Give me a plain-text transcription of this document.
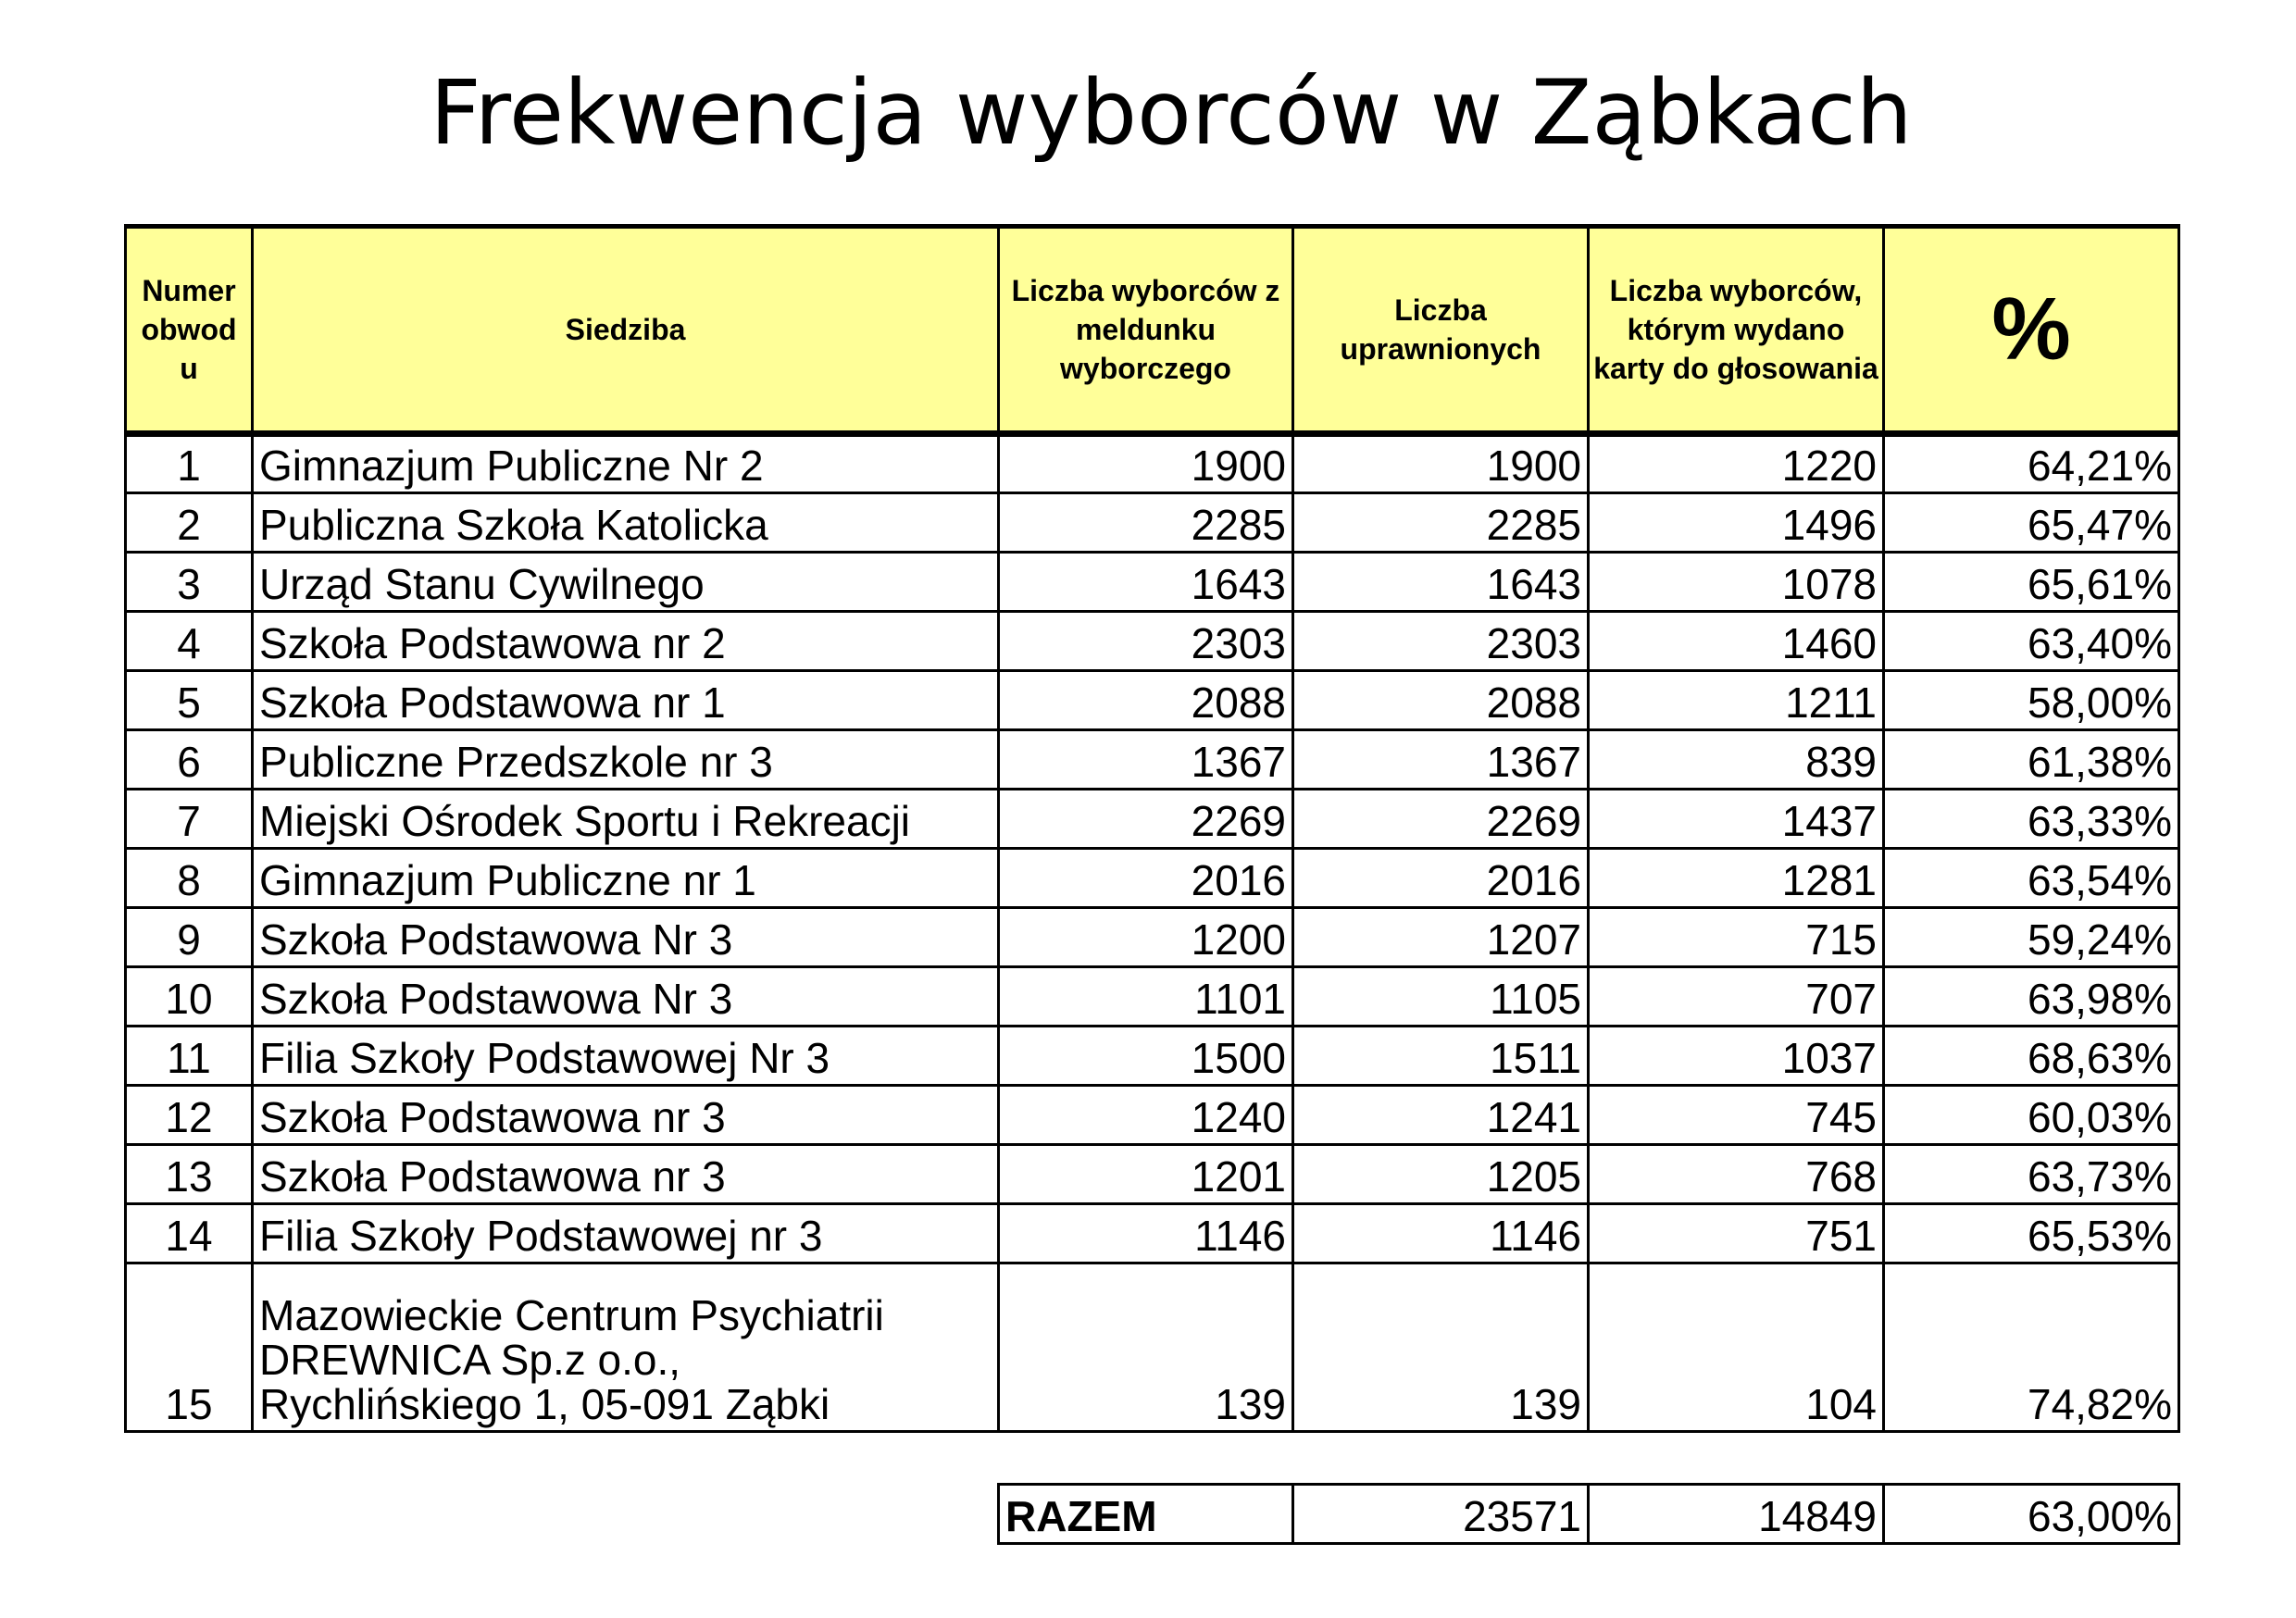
Frekwencja wyborców w Ząbkach
Numer obwod u	Siedziba	Liczba wyborców z meldunku wyborczego	Liczba uprawnionych	Liczba wyborców, którym wydano karty do głosowania	%
1	Gimnazjum Publiczne Nr 2	1900	1900	1220	64,21%
2	Publiczna Szkoła Katolicka	2285	2285	1496	65,47%
3	Urząd Stanu Cywilnego	1643	1643	1078	65,61%
4	Szkoła Podstawowa nr 2	2303	2303	1460	63,40%
5	Szkoła Podstawowa nr 1	2088	2088	1211	58,00%
6	Publiczne Przedszkole nr 3	1367	1367	839	61,38%
7	Miejski Ośrodek Sportu i Rekreacji	2269	2269	1437	63,33%
8	Gimnazjum Publiczne nr 1	2016	2016	1281	63,54%
9	Szkoła Podstawowa Nr 3	1200	1207	715	59,24%
10	Szkoła Podstawowa Nr 3	1101	1105	707	63,98%
11	Filia Szkoły Podstawowej Nr 3	1500	1511	1037	68,63%
12	Szkoła Podstawowa nr 3	1240	1241	745	60,03%
13	Szkoła Podstawowa nr 3	1201	1205	768	63,73%
14	Filia Szkoły Podstawowej nr 3	1146	1146	751	65,53%
15	Mazowieckie Centrum Psychiatrii
DREWNICA Sp.z o.o.,
Rychlińskiego 1, 05-091 Ząbki	139	139	104	74,82%
RAZEM	23571	14849	63,00%
